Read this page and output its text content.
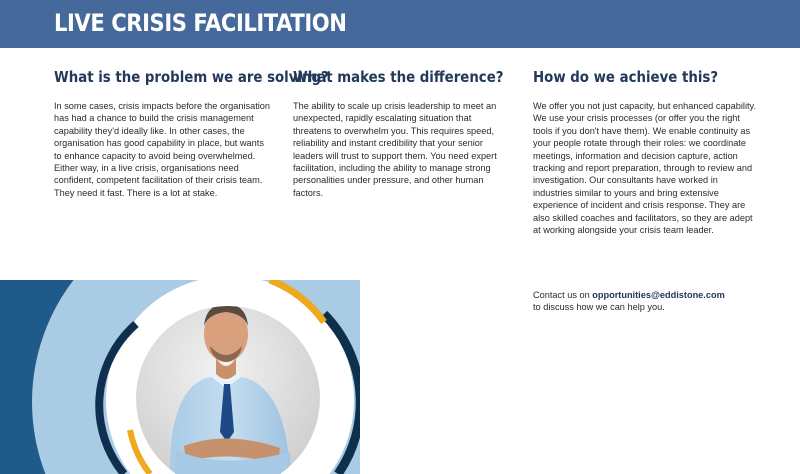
LIVE CRISIS FACILITATION
What is the problem we are solving?

In some cases, crisis impacts before the organisation has had a chance to build the crisis management capability they'd ideally like. In other cases, the organisation has good capability in place, but wants to enhance capacity to avoid being overwhelmed. Either way, in a live crisis, organisations need confident, competent facilitation of their crisis team. They need it fast. There is a lot at stake.

What makes the difference?

The ability to scale up crisis leadership to meet an unexpected, rapidly escalating situation that threatens to overwhelm you. This requires speed, reliability and instant credibility that your senior leaders will trust to support them. You need expert facilitation, including the ability to manage strong personalities under pressure, and other human factors.

How do we achieve this?

We offer you not just capacity, but enhanced capability. We use your crisis processes (or offer you the right tools if you don't have them). We enable continuity as your people rotate through their roles: we coordinate meetings, information and decision capture, action tracking and report preparation, through to review and investigation. Our consultants have worked in industries similar to yours and bring extensive experience of incident and crisis response. They are also skilled coaches and facilitators, so they are adept at working alongside your crisis team leader.

Contact us on opportunities@eddistone.com
to discuss how we can help you.
